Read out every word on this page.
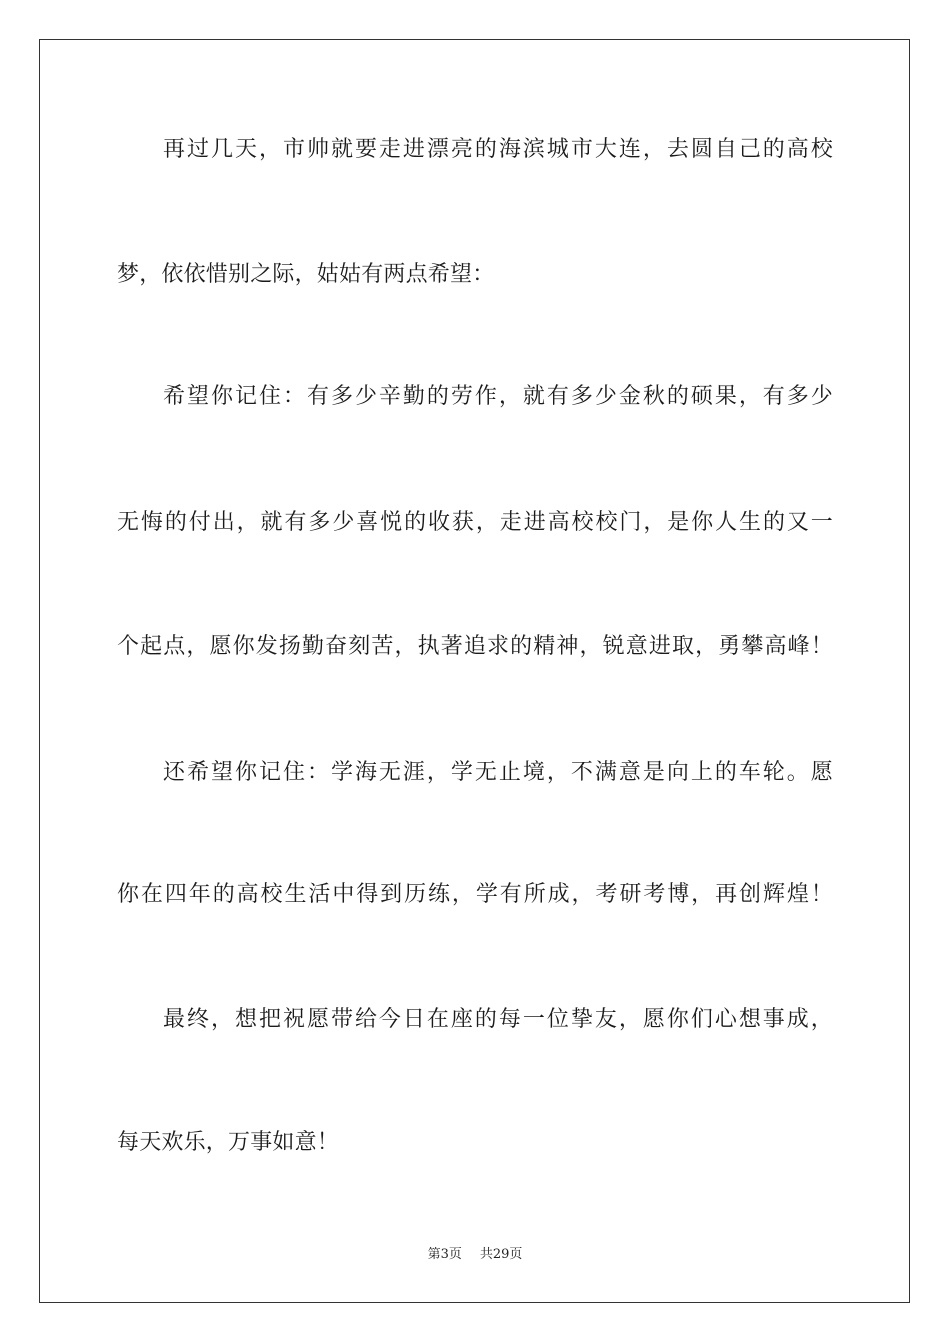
再过几天，市帅就要走进漂亮的海滨城市大连，去圆自己的高校
梦，依依惜别之际，姑姑有两点希望：
希望你记住：有多少辛勤的劳作，就有多少金秋的硕果，有多少
无悔的付出，就有多少喜悦的收获，走进高校校门，是你人生的又一
个起点，愿你发扬勤奋刻苦，执著追求的精神，锐意进取，勇攀高峰！
还希望你记住：学海无涯，学无止境，不满意是向上的车轮。愿
你在四年的高校生活中得到历练，学有所成，考研考博，再创辉煌！
最终，想把祝愿带给今日在座的每一位挚友，愿你们心想事成，
每天欢乐，万事如意！
第3页 共29页
